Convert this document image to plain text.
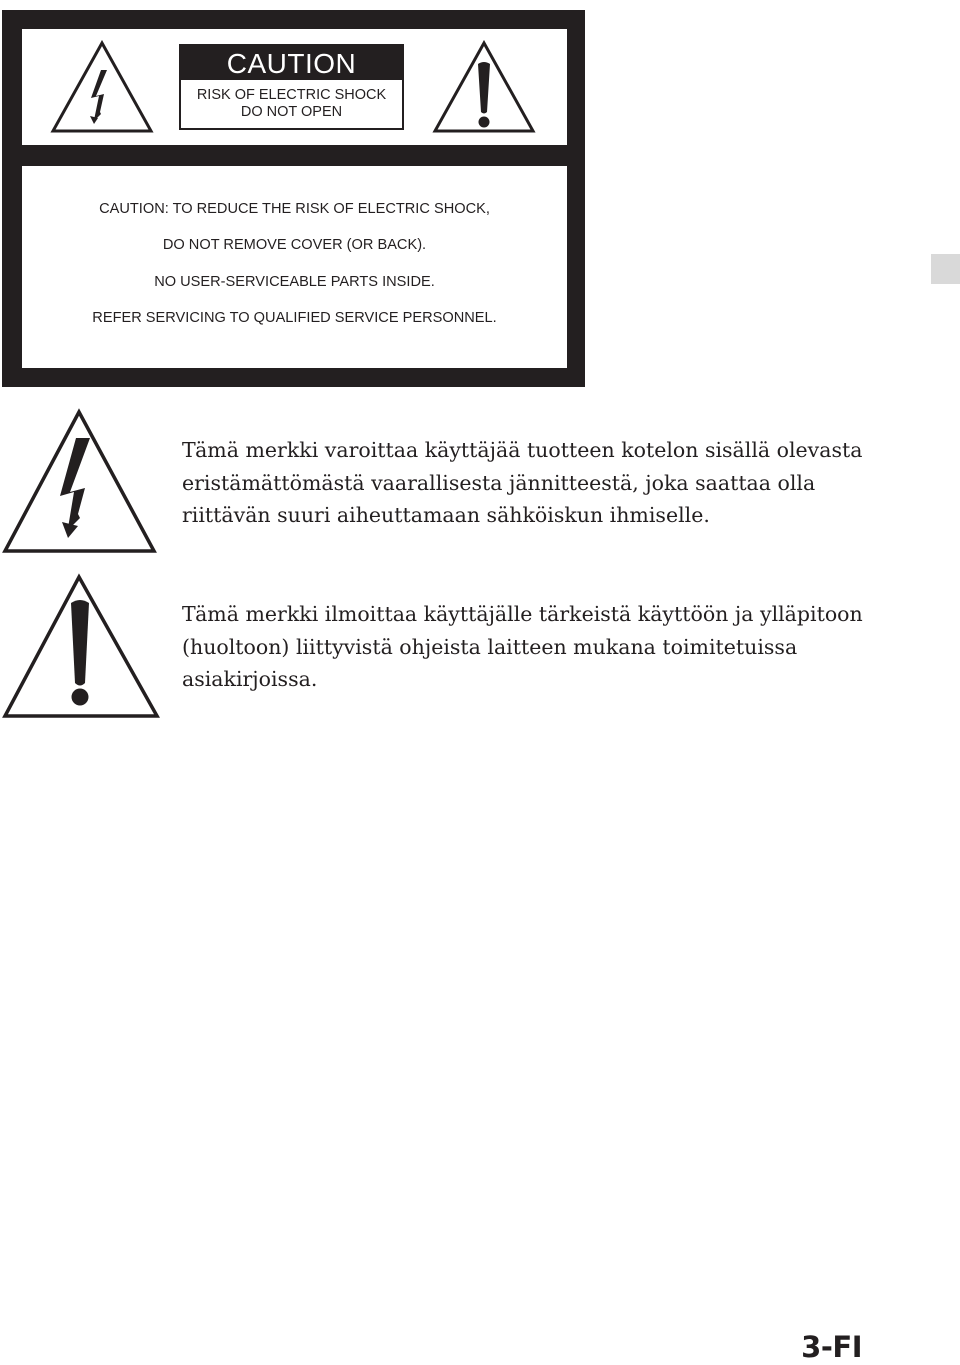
CAUTION
RISK OF ELECTRIC SHOCK
DO NOT OPEN
CAUTION: TO REDUCE THE RISK OF ELECTRIC SHOCK,
DO NOT REMOVE COVER (OR BACK).
NO USER-SERVICEABLE PARTS INSIDE.
REFER SERVICING TO QUALIFIED SERVICE PERSONNEL.

Tämä merkki varoittaa käyttäjää tuotteen kotelon sisällä olevasta eristämättömästä vaarallisesta jännitteestä, joka saattaa olla riittävän suuri aiheuttamaan sähköiskun ihmiselle.

Tämä merkki ilmoittaa käyttäjälle tärkeistä käyttöön ja ylläpitoon (huoltoon) liittyvistä ohjeista laitteen mukana toimitetuissa asiakirjoissa.

3-FI
